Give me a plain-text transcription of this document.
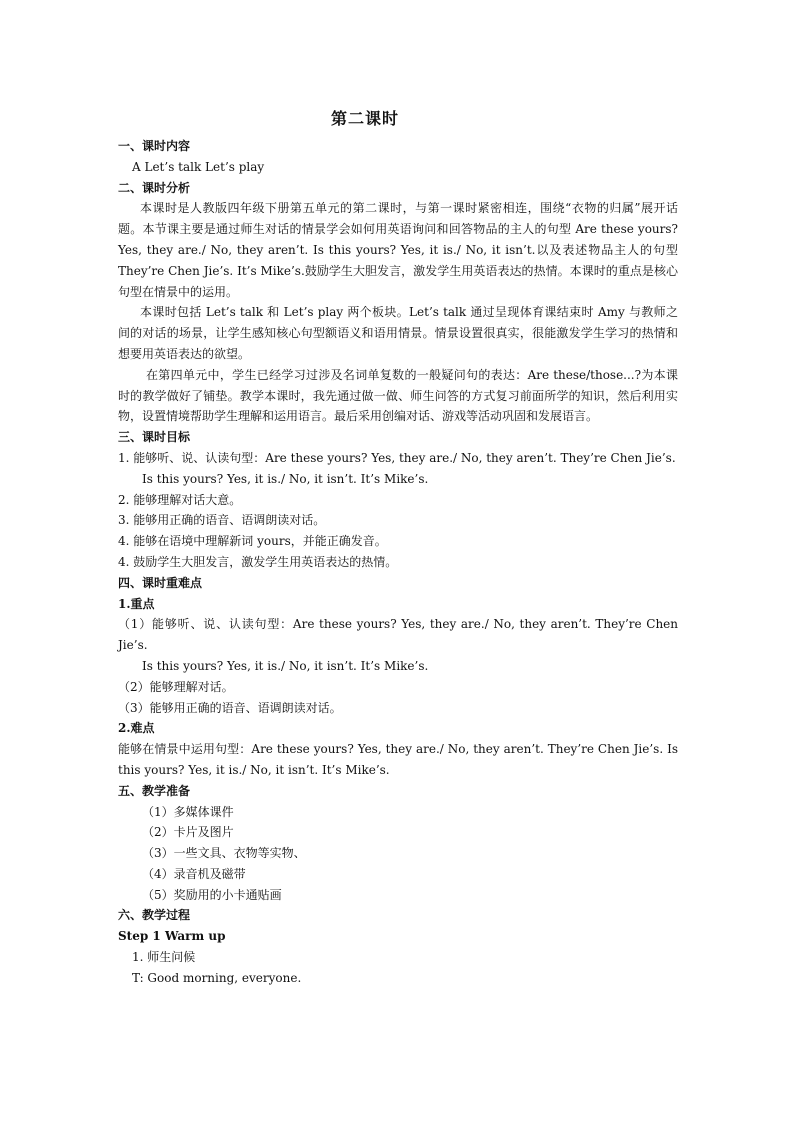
第二课时
一、课时内容
A Let’s talk Let’s play
二、课时分析
本课时是人教版四年级下册第五单元的第二课时，与第一课时紧密相连，围绕“衣物的归属”展开话题。本节课主要是通过师生对话的情景学会如何用英语询问和回答物品的主人的句型 Are these yours? Yes, they are./ No, they aren’t. Is this yours? Yes, it is./ No, it isn’t.以及表述物品主人的句型 They’re Chen Jie’s. It’s Mike’s.鼓励学生大胆发言，激发学生用英语表达的热情。本课时的重点是核心句型在情景中的运用。
本课时包括 Let’s talk 和 Let’s play 两个板块。Let’s talk 通过呈现体育课结束时 Amy 与教师之间的对话的场景，让学生感知核心句型额语义和语用情景。情景设置很真实，很能激发学生学习的热情和想要用英语表达的欲望。
在第四单元中，学生已经学习过涉及名词单复数的一般疑问句的表达：Are these/those...?为本课时的教学做好了铺垫。教学本课时，我先通过做一做、师生问答的方式复习前面所学的知识，然后利用实物，设置情境帮助学生理解和运用语言。最后采用创编对话、游戏等活动巩固和发展语言。
三、课时目标
1. 能够听、说、认读句型：Are these yours? Yes, they are./ No, they aren’t. They’re Chen Jie’s.
Is this yours? Yes, it is./ No, it isn’t. It’s Mike’s.
2. 能够理解对话大意。
3. 能够用正确的语音、语调朗读对话。
4. 能够在语境中理解新词 yours，并能正确发音。
4. 鼓励学生大胆发言，激发学生用英语表达的热情。
四、课时重难点
1.重点
（1）能够听、说、认读句型：Are these yours? Yes, they are./ No, they aren’t. They’re Chen Jie’s.
Is this yours? Yes, it is./ No, it isn’t. It’s Mike’s.
（2）能够理解对话。
（3）能够用正确的语音、语调朗读对话。
2.难点
能够在情景中运用句型：Are these yours? Yes, they are./ No, they aren’t. They’re Chen Jie’s. Is this yours? Yes, it is./ No, it isn’t. It’s Mike’s.
五、教学准备
（1）多媒体课件
（2）卡片及图片
（3）一些文具、衣物等实物、
（4）录音机及磁带
（5）奖励用的小卡通贴画
六、教学过程
Step 1 Warm up
1. 师生问候
T: Good morning, everyone.
